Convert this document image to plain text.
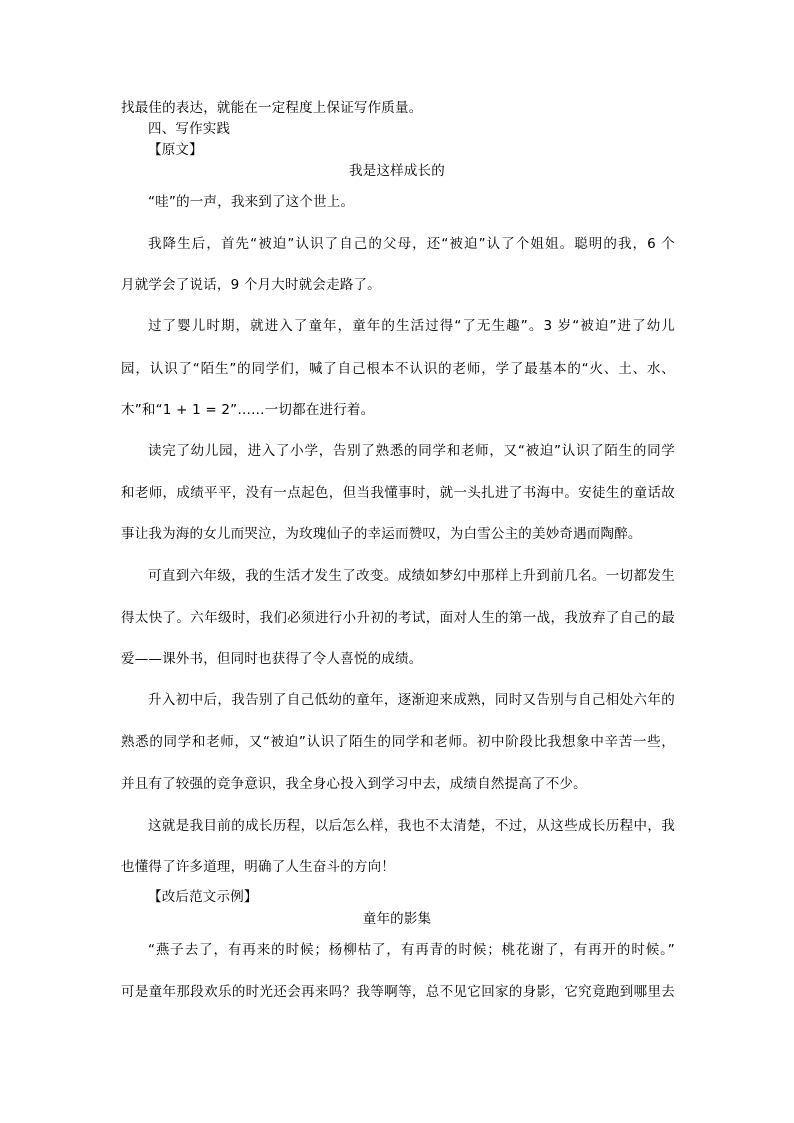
找最佳的表达，就能在一定程度上保证写作质量。
四、写作实践
【原文】
我是这样成长的
“哇”的一声，我来到了这个世上。
我降生后，首先“被迫”认识了自己的父母，还“被迫”认了个姐姐。聪明的我，6 个
月就学会了说话，9 个月大时就会走路了。
过了婴儿时期，就进入了童年，童年的生活过得“了无生趣”。3 岁“被迫”进了幼儿
园，认识了“陌生”的同学们，喊了自己根本不认识的老师，学了最基本的“火、土、水、
木”和“1 + 1 = 2”……一切都在进行着。
读完了幼儿园，进入了小学，告别了熟悉的同学和老师，又“被迫”认识了陌生的同学
和老师，成绩平平，没有一点起色，但当我懂事时，就一头扎进了书海中。安徒生的童话故
事让我为海的女儿而哭泣，为玫瑰仙子的幸运而赞叹，为白雪公主的美妙奇遇而陶醉。
可直到六年级，我的生活才发生了改变。成绩如梦幻中那样上升到前几名。一切都发生
得太快了。六年级时，我们必须进行小升初的考试，面对人生的第一战，我放弃了自己的最
爱——课外书，但同时也获得了令人喜悦的成绩。
升入初中后，我告别了自己低幼的童年，逐渐迎来成熟，同时又告别与自己相处六年的
熟悉的同学和老师，又“被迫”认识了陌生的同学和老师。初中阶段比我想象中辛苦一些，
并且有了较强的竞争意识，我全身心投入到学习中去，成绩自然提高了不少。
这就是我目前的成长历程，以后怎么样，我也不太清楚，不过，从这些成长历程中，我
也懂得了许多道理，明确了人生奋斗的方向！
【改后范文示例】
童年的影集
“燕子去了，有再来的时候；杨柳枯了，有再青的时候；桃花谢了，有再开的时候。”
可是童年那段欢乐的时光还会再来吗？我等啊等，总不见它回家的身影，它究竟跑到哪里去
